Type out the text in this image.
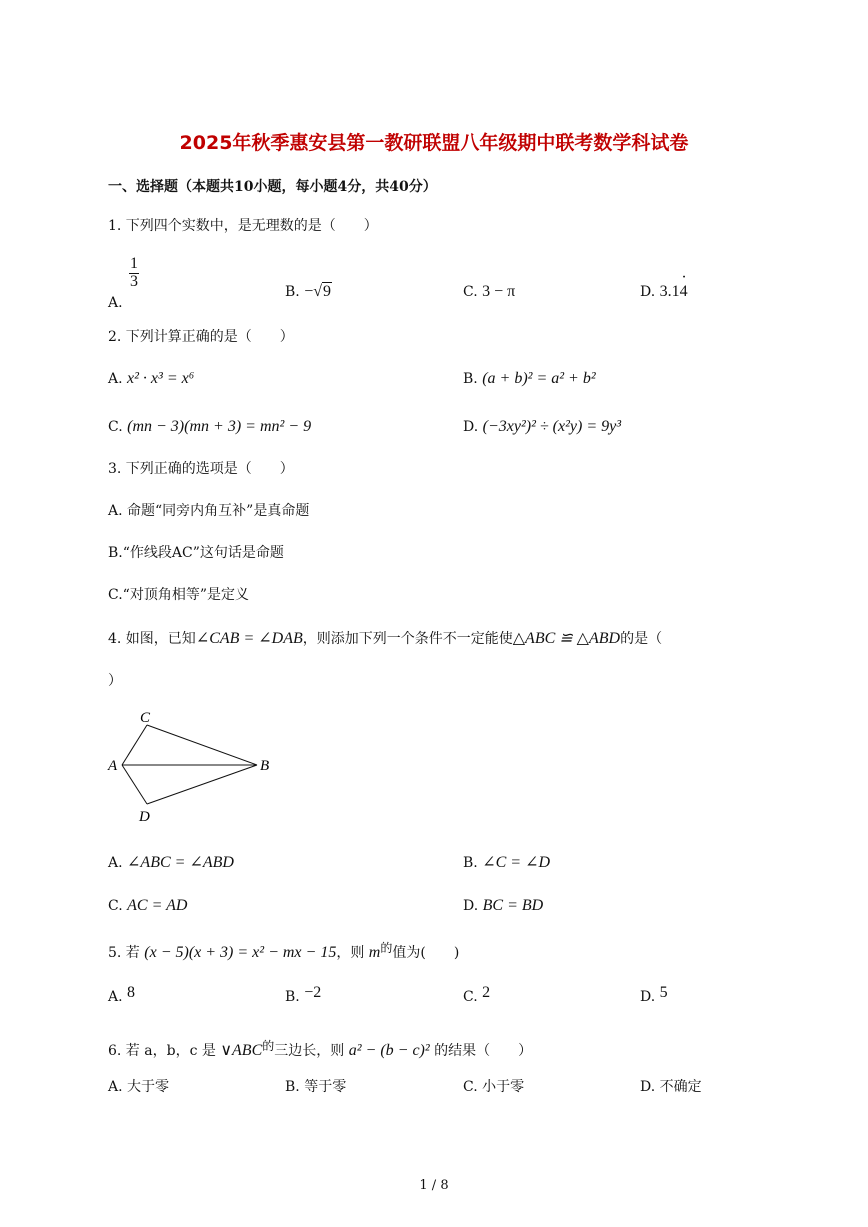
2025年秋季惠安县第一教研联盟八年级期中联考数学科试卷
一、选择题（本题共10小题，每小题4分，共40分）
1. 下列四个实数中，是无理数的是（　　）
A.
$\frac{1}{3}$
B. −√9	C. 3 − π	D. 3.14
·
2. 下列计算正确的是（　　）
A. x² · x³ = x⁶	B. (a + b)² = a² + b²
C. (mn − 3)(mn + 3) = mn² − 9	D. (−3xy²)² ÷ (x²y) = 9y³
3. 下列正确的选项是（　　）
A. 命题“同旁内角互补”是真命题
B.“作线段AC”这句话是命题
C.“对顶角相等”是定义
4. 如图，已知∠CAB = ∠DAB，则添加下列一个条件不一定能使△ABC ≌ △ABD的是（
）
C
A	B
D
A. ∠ABC = ∠ABD	B. ∠C = ∠D
C. AC = AD	D. BC = BD
5. 若 (x − 5)(x + 3) = x² − mx − 15，则 m的值为(　　)
A. 8	B. −2	C. 2	D. 5
6. 若 a，b，c 是 ∨ABC的三边长，则 a² − (b − c)² 的结果（　　）
A. 大于零	B. 等于零	C. 小于零	D. 不确定
1 / 8
